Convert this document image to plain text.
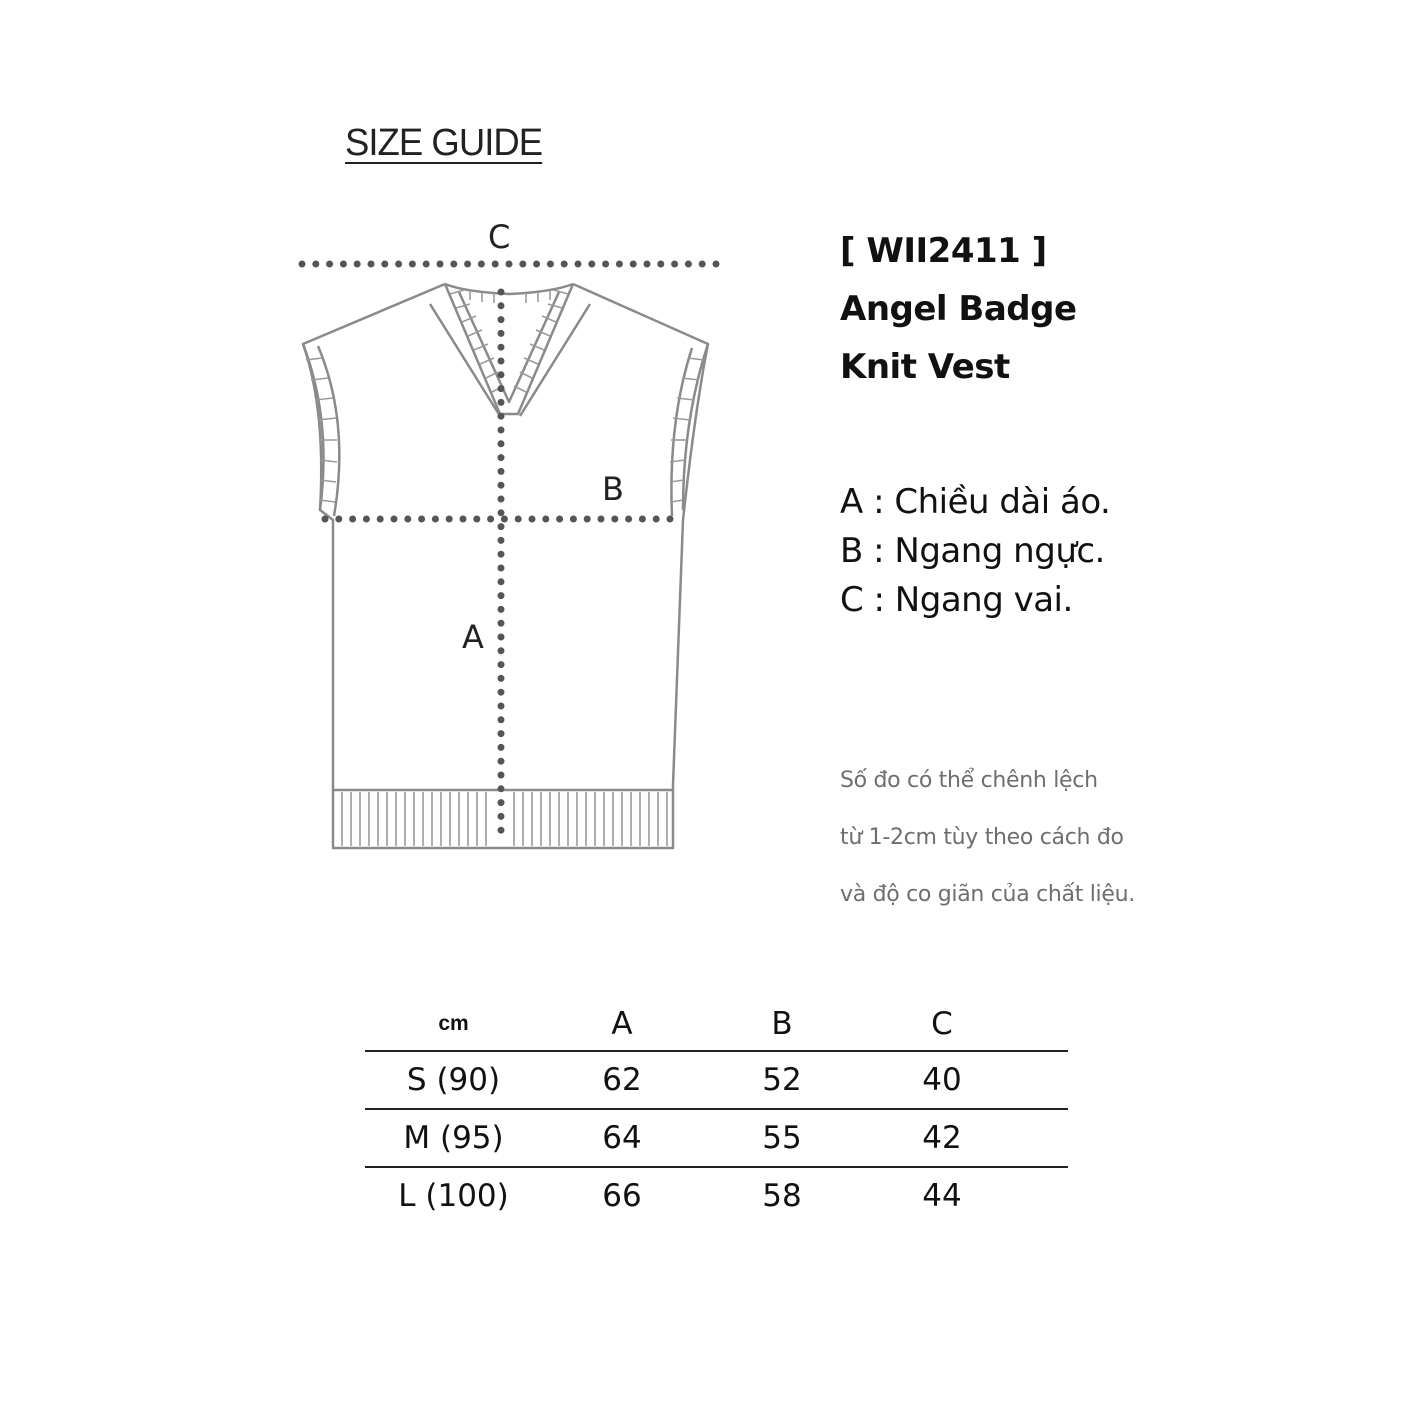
SIZE GUIDE
C
A
B
[ WII2411 ]
Angel Badge
Knit Vest
A : Chiều dài áo.
B : Ngang ngực.
C : Ngang vai.
Số đo có thể chênh lệch
từ 1-2cm tùy theo cách đo
và độ co giãn của chất liệu.
cm	A	B	C	
S (90)	62	52	40	
M (95)	64	55	42	
L (100)	66	58	44	
